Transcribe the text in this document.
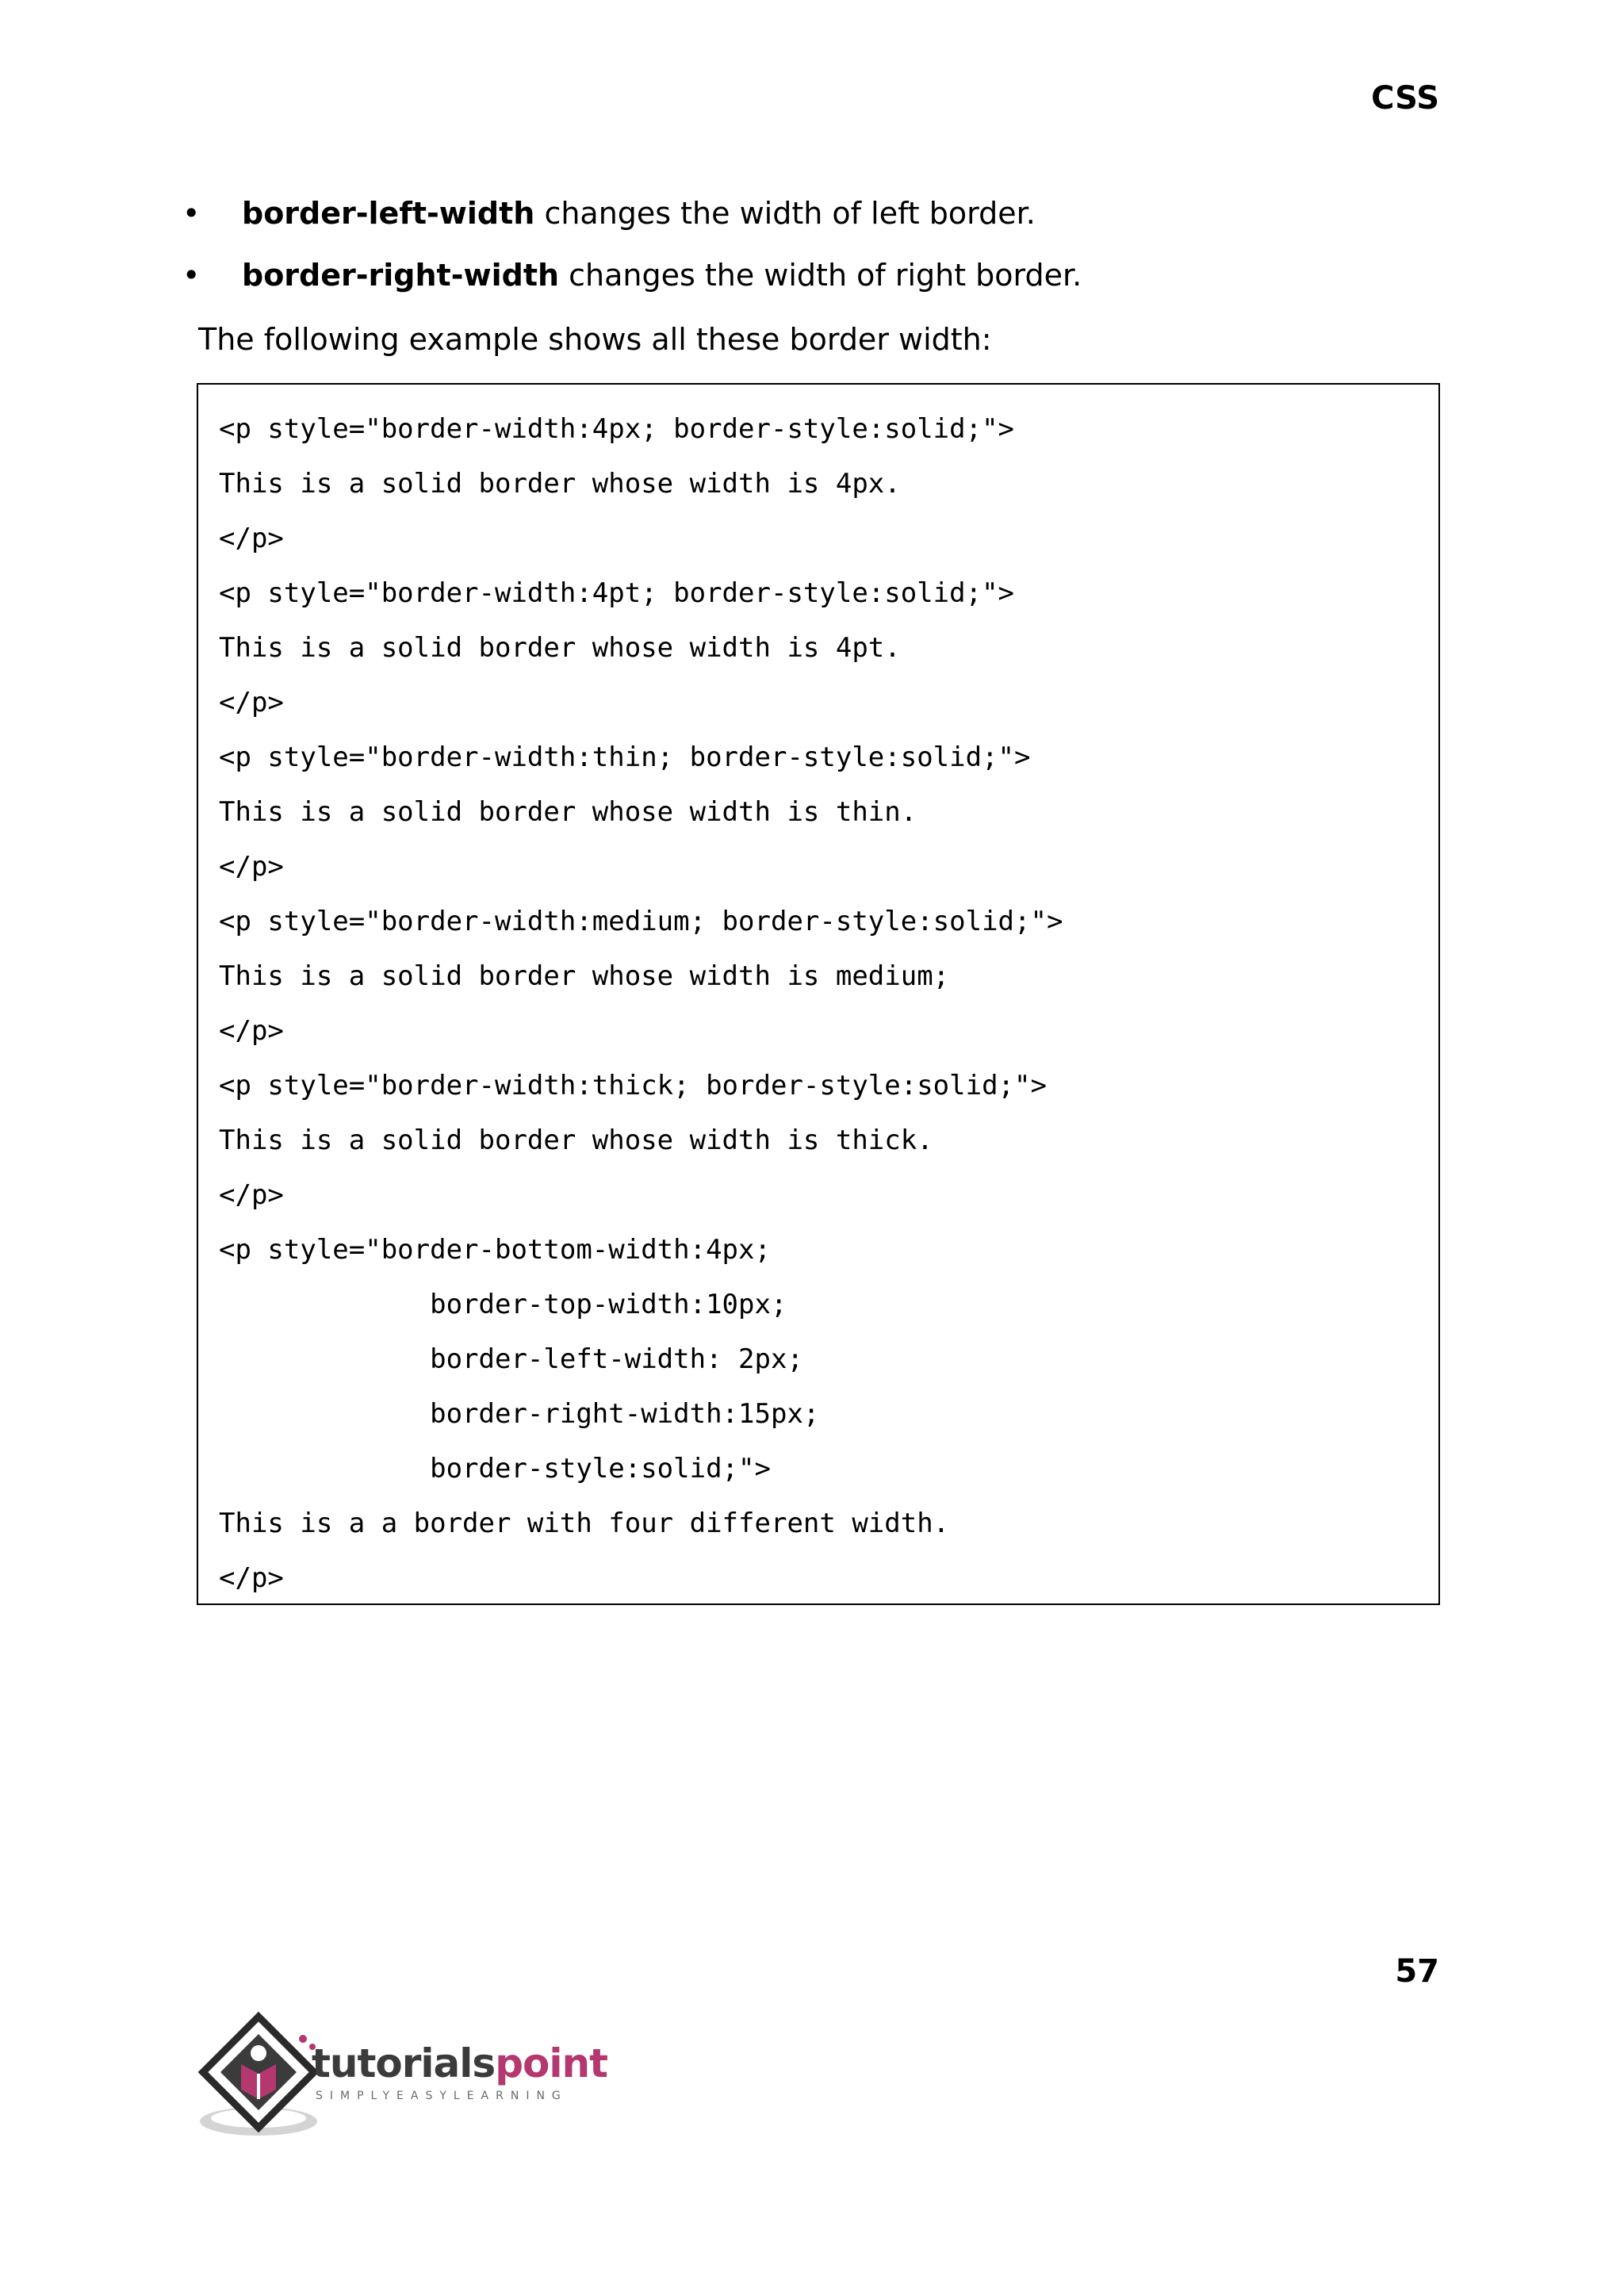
CSS
• border-left-width changes the width of left border.
• border-right-width changes the width of right border.
The following example shows all these border width:
<p style="border-width:4px; border-style:solid;">
This is a solid border whose width is 4px.
</p>
<p style="border-width:4pt; border-style:solid;">
This is a solid border whose width is 4pt.
</p>
<p style="border-width:thin; border-style:solid;">
This is a solid border whose width is thin.
</p>
<p style="border-width:medium; border-style:solid;">
This is a solid border whose width is medium;
</p>
<p style="border-width:thick; border-style:solid;">
This is a solid border whose width is thick.
</p>
<p style="border-bottom-width:4px;
border-top-width:10px;
border-left-width: 2px;
border-right-width:15px;
border-style:solid;">
This is a a border with four different width.
</p>
57
tutorialspoint
SIMPLYEASYLEARNING
